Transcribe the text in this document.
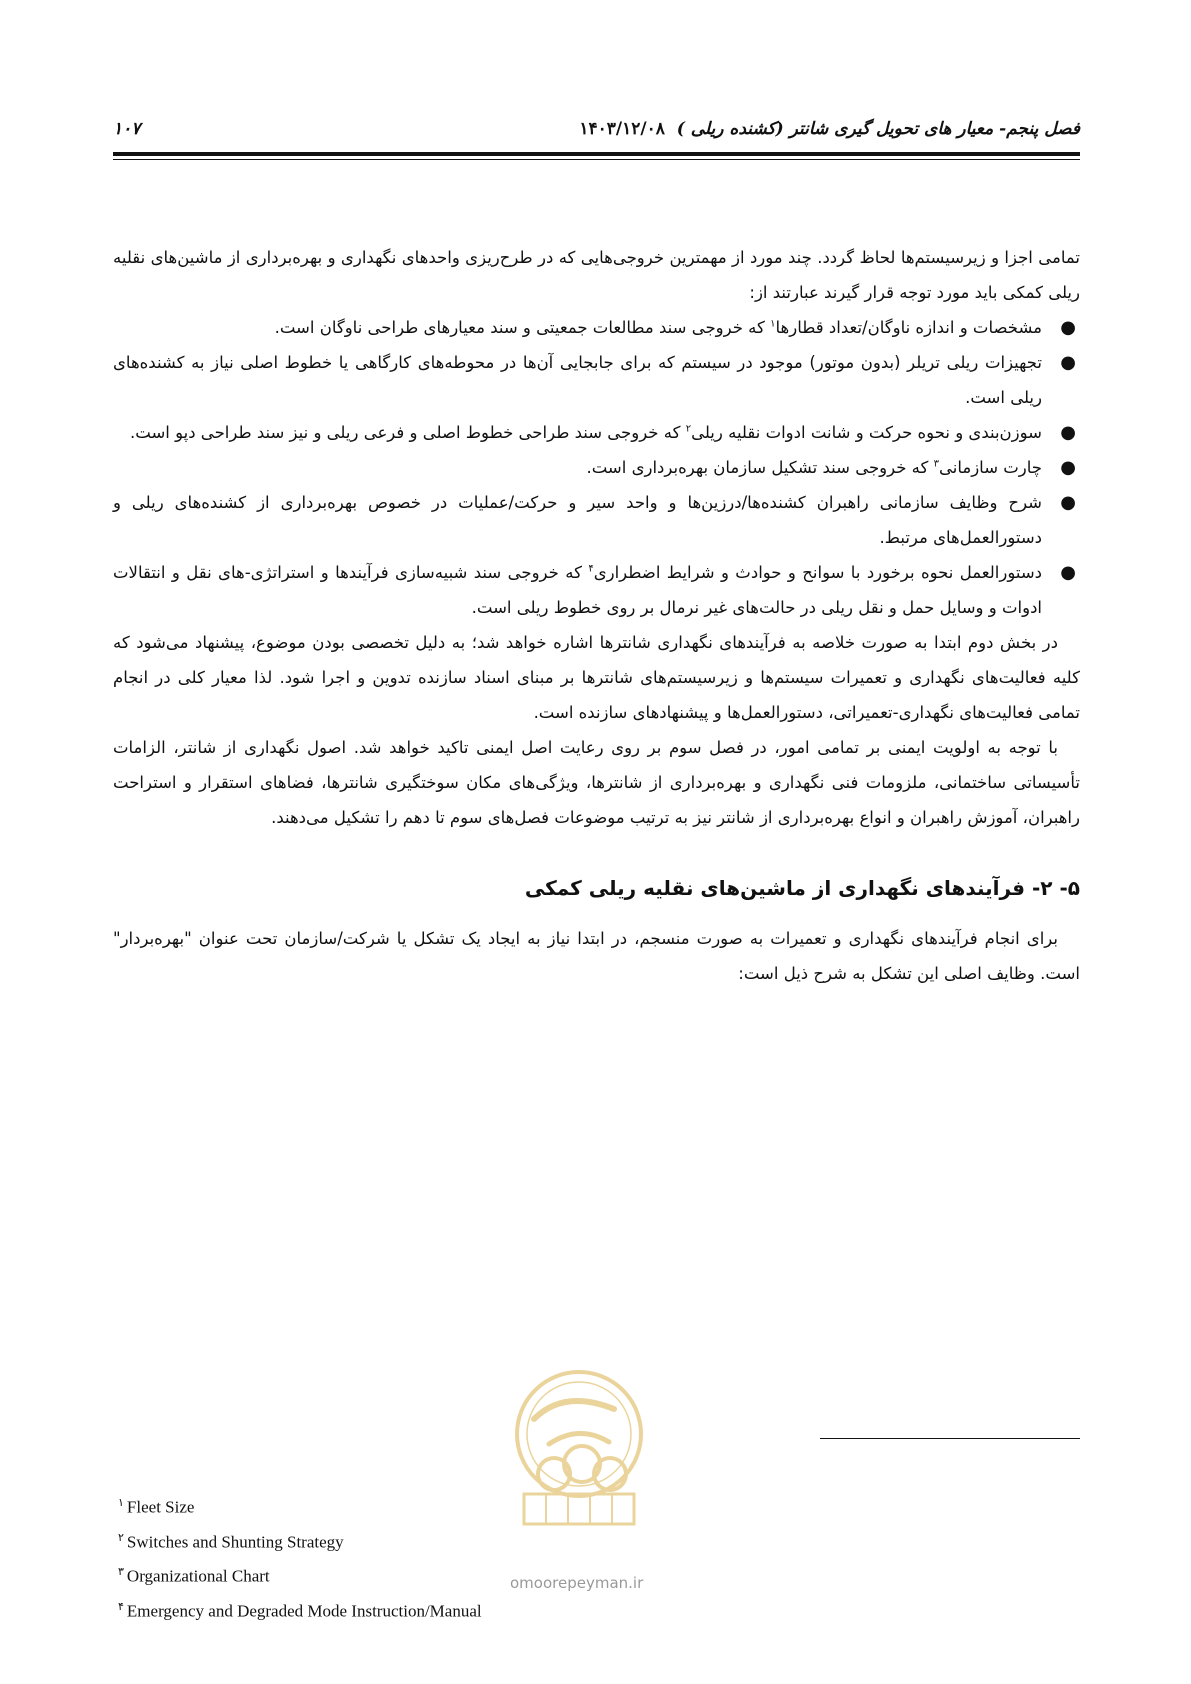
فصل پنجم- معیار های تحویل گیری شانتر (کشنده ریلی ) ۱۴۰۳/۱۲/۰۸
۱۰۷

تمامی اجزا و زیرسیستم‌ها لحاظ گردد. چند مورد از مهمترین خروجی‌هایی که در طرح‌ریزی واحدهای نگهداری و بهره‌برداری از ماشین‌های نقلیه ریلی کمکی باید مورد توجه قرار گیرند عبارتند از:

●
مشخصات و اندازه ناوگان/تعداد قطارها$^۱$ که خروجی سند مطالعات جمعیتی و سند معیارهای طراحی ناوگان است.
●
تجهیزات ریلی تریلر (بدون موتور) موجود در سیستم که برای جابجایی آن‌ها در محوطه‌های کارگاهی یا خطوط اصلی نیاز به کشنده‌های ریلی است.
●
سوزن‌بندی و نحوه حرکت و شانت ادوات نقلیه ریلی$^۲$ که خروجی سند طراحی خطوط اصلی و فرعی ریلی و نیز سند طراحی دپو است.
●
چارت سازمانی$^۳$ که خروجی سند تشکیل سازمان بهره‌برداری است.
●
شرح وظایف سازمانی راهبران کشنده‌ها/درزین‌ها و واحد سیر و حرکت/عملیات در خصوص بهره‌برداری از کشنده‌های ریلی و دستورالعمل‌های مرتبط.
●
دستورالعمل نحوه برخورد با سوانح و حوادث و شرایط اضطراری$^۴$ که خروجی سند شبیه‌سازی فرآیندها و استراتژی-های نقل و انتقالات ادوات و وسایل حمل و نقل ریلی در حالت‌های غیر نرمال بر روی خطوط ریلی است.

در بخش دوم ابتدا به صورت خلاصه به فرآیندهای نگهداری شانترها اشاره خواهد شد؛ به دلیل تخصصی بودن موضوع، پیشنهاد می‌شود که کلیه فعالیت‌های نگهداری و تعمیرات سیستم‌ها و زیرسیستم‌های شانترها بر مبنای اسناد سازنده تدوین و اجرا شود. لذا معیار کلی در انجام تمامی فعالیت‌های نگهداری-تعمیراتی، دستورالعمل‌ها و پیشنهادهای سازنده است.

با توجه به اولویت ایمنی بر تمامی امور، در فصل سوم بر روی رعایت اصل ایمنی تاکید خواهد شد. اصول نگهداری از شانتر، الزامات تأسیساتی ساختمانی، ملزومات فنی نگهداری و بهره‌برداری از شانترها، ویژگی‌های مکان سوختگیری شانترها، فضاهای استقرار و استراحت راهبران، آموزش راهبران و انواع بهره‌برداری از شانتر نیز به ترتیب موضوعات فصل‌های سوم تا دهم را تشکیل می‌دهند.

۵- ۲- فرآیندهای نگهداری از ماشین‌های نقلیه ریلی کمکی

برای انجام فرآیندهای نگهداری و تعمیرات به صورت منسجم، در ابتدا نیاز به ایجاد یک تشکل یا شرکت/سازمان تحت عنوان "بهره‌بردار" است. وظایف اصلی این تشکل به شرح ذیل است:

$^۱$ Fleet Size
$^۲$ Switches and Shunting Strategy
$^۳$ Organizational Chart
$^۴$ Emergency and Degraded Mode Instruction/Manual
omoorepeyman.ir
